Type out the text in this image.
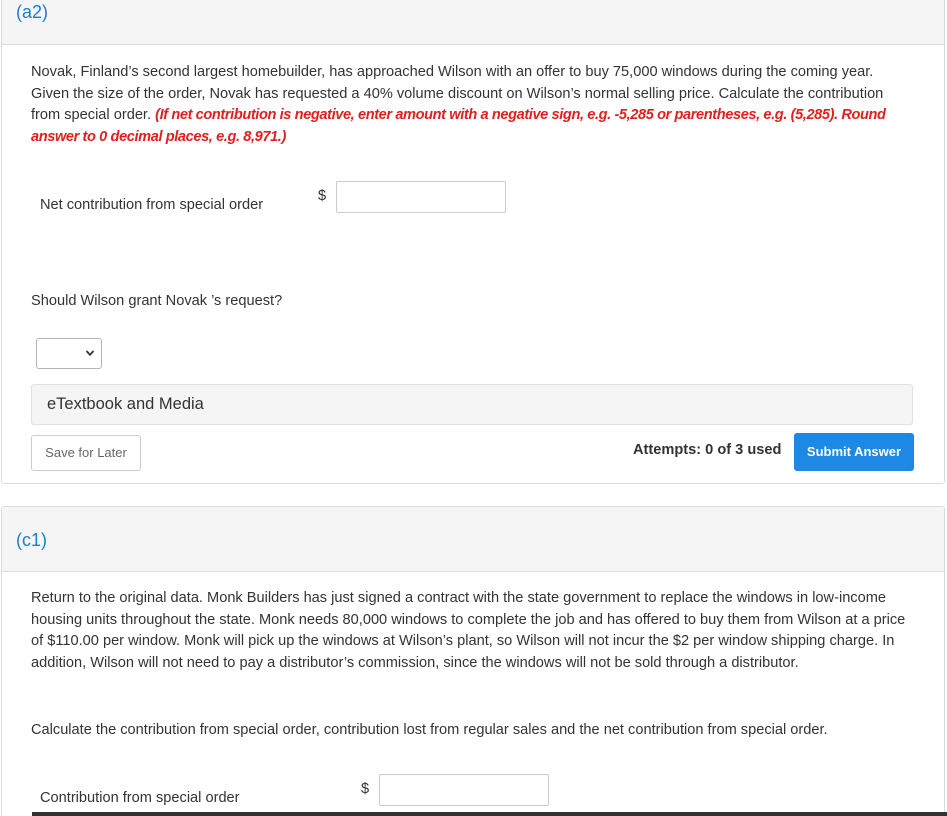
(a2)

Novak, Finland’s second largest homebuilder, has approached Wilson with an offer to buy 75,000 windows during the coming year. Given the size of the order, Novak has requested a 40% volume discount on Wilson’s normal selling price. Calculate the contribution from special order. (If net contribution is negative, enter amount with a negative sign, e.g. -5,285 or parentheses, e.g. (5,285). Round answer to 0 decimal places, e.g. 8,971.)

Net contribution from special order
$
Should Wilson grant Novak ’s request?
eTextbook and Media
Save for Later	Attempts: 0 of 3 used	Submit Answer
(c1)

Return to the original data. Monk Builders has just signed a contract with the state government to replace the windows in low-income housing units throughout the state. Monk needs 80,000 windows to complete the job and has offered to buy them from Wilson at a price of $110.00 per window. Monk will pick up the windows at Wilson’s plant, so Wilson will not incur the $2 per window shipping charge. In addition, Wilson will not need to pay a distributor’s commission, since the windows will not be sold through a distributor.

Calculate the contribution from special order, contribution lost from regular sales and the net contribution from special order.

Contribution from special order
$
